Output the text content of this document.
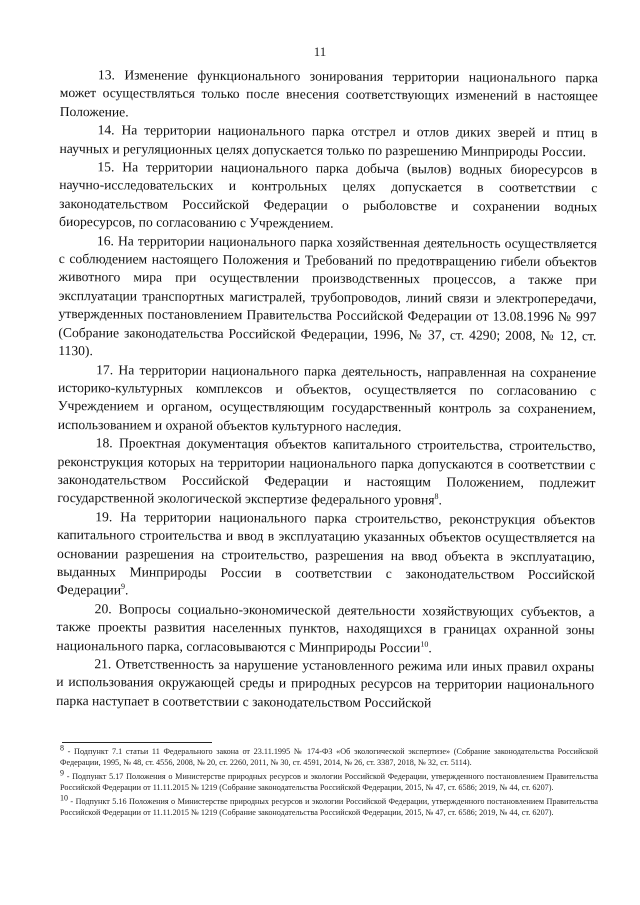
11

13. Изменение функционального зонирования территории национального парка может осуществляться только после внесения соответствующих изменений в настоящее Положение.

14. На территории национального парка отстрел и отлов диких зверей и птиц в научных и регуляционных целях допускается только по разрешению Минприроды России.

15. На территории национального парка добыча (вылов) водных биоресурсов в научно-исследовательских и контрольных целях допускается в соответствии с законодательством Российской Федерации о рыболовстве и сохранении водных биоресурсов, по согласованию с Учреждением.

16. На территории национального парка хозяйственная деятельность осуществляется с соблюдением настоящего Положения и Требований по предотвращению гибели объектов животного мира при осуществлении производственных процессов, а также при эксплуатации транспортных магистралей, трубопроводов, линий связи и электропередачи, утвержденных постановлением Правительства Российской Федерации от 13.08.1996 № 997 (Собрание законодательства Российской Федерации, 1996, № 37, ст. 4290; 2008, № 12, ст. 1130).

17. На территории национального парка деятельность, направленная на сохранение историко-культурных комплексов и объектов, осуществляется по согласованию с Учреждением и органом, осуществляющим государственный контроль за сохранением, использованием и охраной объектов культурного наследия.

18. Проектная документация объектов капитального строительства, строительство, реконструкция которых на территории национального парка допускаются в соответствии с законодательством Российской Федерации и настоящим Положением, подлежит государственной экологической экспертизе федерального уровня$^8$.

19. На территории национального парка строительство, реконструкция объектов капитального строительства и ввод в эксплуатацию указанных объектов осуществляется на основании разрешения на строительство, разрешения на ввод объекта в эксплуатацию, выданных Минприроды России в соответствии с законодательством Российской Федерации$^9$.

20. Вопросы социально-экономической деятельности хозяйствующих субъектов, а также проекты развития населенных пунктов, находящихся в границах охранной зоны национального парка, согласовываются с Минприроды России$^{10}$.

21. Ответственность за нарушение установленного режима или иных правил охраны и использования окружающей среды и природных ресурсов на территории национального парка наступает в соответствии с законодательством Российской

$^8$ - Подпункт 7.1 статьи 11 Федерального закона от 23.11.1995 № 174-ФЗ «Об экологической экспертизе» (Собрание законодательства Российской Федерации, 1995, № 48, ст. 4556, 2008, № 20, ст. 2260, 2011, № 30, ст. 4591, 2014, № 26, ст. 3387, 2018, № 32, ст. 5114).

$^9$ - Подпункт 5.17 Положения о Министерстве природных ресурсов и экологии Российской Федерации, утвержденного постановлением Правительства Российской Федерации от 11.11.2015 № 1219 (Собрание законодательства Российской Федерации, 2015, № 47, ст. 6586; 2019, № 44, ст. 6207).

$^{10}$ - Подпункт 5.16 Положения о Министерстве природных ресурсов и экологии Российской Федерации, утвержденного постановлением Правительства Российской Федерации от 11.11.2015 № 1219 (Собрание законодательства Российской Федерации, 2015, № 47, ст. 6586; 2019, № 44, ст. 6207).
